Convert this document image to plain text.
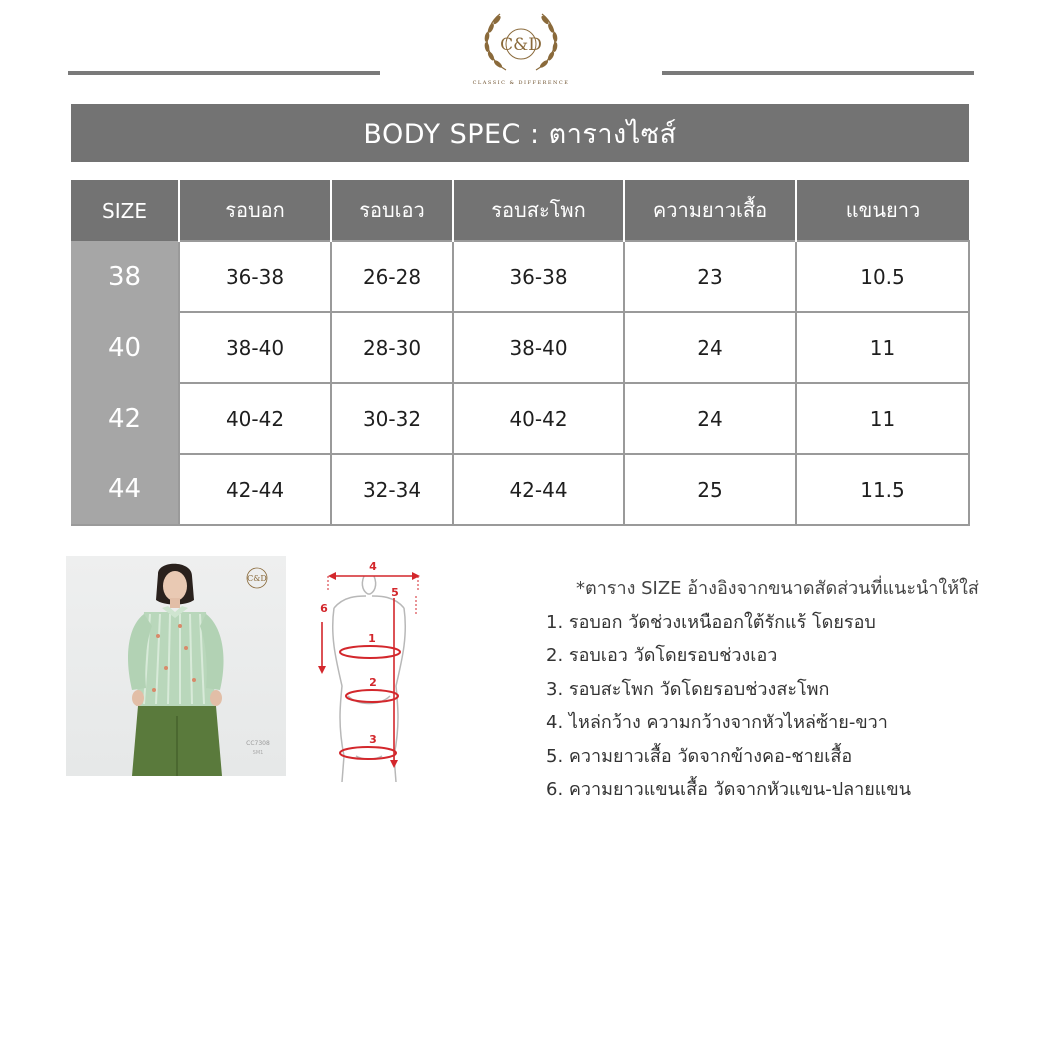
C&D
CLASSIC & DIFFERENCE
BODY SPEC : ตารางไซส์
SIZE	รอบอก	รอบเอว	รอบสะโพก	ความยาวเสื้อ	แขนยาว
38	36-38	26-28	36-38	23	10.5
40	38-40	28-30	38-40	24	11
42	40-42	30-32	40-42	24	11
44	42-44	32-34	42-44	25	11.5
C&D
CC7308
SM1
4
5
6
1
2
3
*ตาราง SIZE อ้างอิงจากขนาดสัดส่วนที่แนะนำให้ใส่
1. รอบอก วัดช่วงเหนืออกใต้รักแร้ โดยรอบ
2. รอบเอว วัดโดยรอบช่วงเอว
3. รอบสะโพก วัดโดยรอบช่วงสะโพก
4. ไหล่กว้าง ความกว้างจากหัวไหล่ซ้าย-ขวา
5. ความยาวเสื้อ วัดจากข้างคอ-ชายเสื้อ
6. ความยาวแขนเสื้อ วัดจากหัวแขน-ปลายแขน
